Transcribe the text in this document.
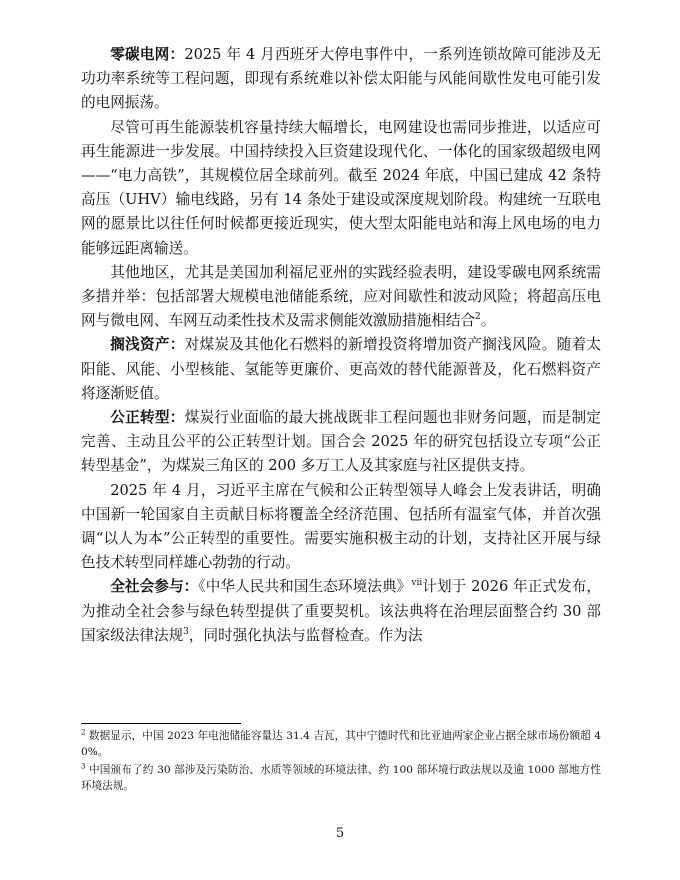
零碳电网：2025 年 4 月西班牙大停电事件中，一系列连锁故障可能涉及无功功率系统等工程问题，即现有系统难以补偿太阳能与风能间歇性发电可能引发的电网振荡。

尽管可再生能源装机容量持续大幅增长，电网建设也需同步推进，以适应可再生能源进一步发展。中国持续投入巨资建设现代化、一体化的国家级超级电网——“电力高铁”，其规模位居全球前列。截至 2024 年底，中国已建成 42 条特高压（UHV）输电线路，另有 14 条处于建设或深度规划阶段。构建统一互联电网的愿景比以往任何时候都更接近现实，使大型太阳能电站和海上风电场的电力能够远距离输送。

其他地区，尤其是美国加利福尼亚州的实践经验表明，建设零碳电网系统需多措并举：包括部署大规模电池储能系统，应对间歇性和波动风险；将超高压电网与微电网、车网互动柔性技术及需求侧能效激励措施相结合$^2$。

搁浅资产：对煤炭及其他化石燃料的新增投资将增加资产搁浅风险。随着太阳能、风能、小型核能、氢能等更廉价、更高效的替代能源普及，化石燃料资产将逐渐贬值。

公正转型：煤炭行业面临的最大挑战既非工程问题也非财务问题，而是制定完善、主动且公平的公正转型计划。国合会 2025 年的研究包括设立专项“公正转型基金”，为煤炭三角区的 200 多万工人及其家庭与社区提供支持。

2025 年 4 月，习近平主席在气候和公正转型领导人峰会上发表讲话，明确中国新一轮国家自主贡献目标将覆盖全经济范围、包括所有温室气体，并首次强调“以人为本”公正转型的重要性。需要实施积极主动的计划，支持社区开展与绿色技术转型同样雄心勃勃的行动。

全社会参与：《中华人民共和国生态环境法典》$^{vii}$计划于 2026 年正式发布，为推动全社会参与绿色转型提供了重要契机。该法典将在治理层面整合约 30 部国家级法律法规$^3$，同时强化执法与监督检查。作为法

$^2$ 数据显示，中国 2023 年电池储能容量达 31.4 吉瓦，其中宁德时代和比亚迪两家企业占据全球市场份额超 40%。

$^3$ 中国颁布了约 30 部涉及污染防治、水质等领域的环境法律、约 100 部环境行政法规以及逾 1000 部地方性环境法规。

5
